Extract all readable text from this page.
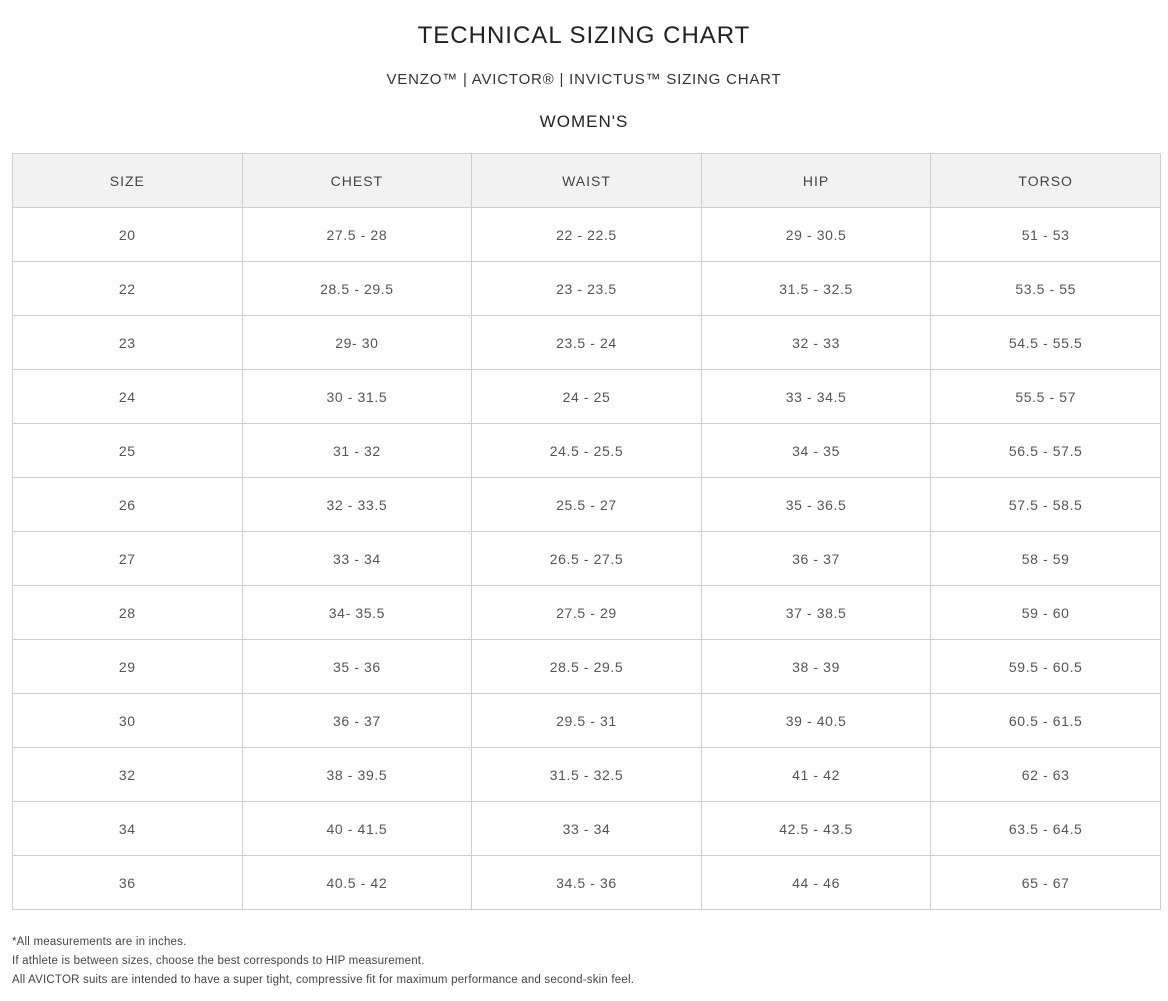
TECHNICAL SIZING CHART
VENZO™ | AVICTOR® | INVICTUS™ SIZING CHART
WOMEN'S
SIZE	CHEST	WAIST	HIP	TORSO
20	27.5 - 28	22 - 22.5	29 - 30.5	51 - 53
22	28.5 - 29.5	23 - 23.5	31.5 - 32.5	53.5 - 55
23	29- 30	23.5 - 24	32 - 33	54.5 - 55.5
24	30 - 31.5	24 - 25	33 - 34.5	55.5 - 57
25	31 - 32	24.5 - 25.5	34 - 35	56.5 - 57.5
26	32 - 33.5	25.5 - 27	35 - 36.5	57.5 - 58.5
27	33 - 34	26.5 - 27.5	36 - 37	58 - 59
28	34- 35.5	27.5 - 29	37 - 38.5	59 - 60
29	35 - 36	28.5 - 29.5	38 - 39	59.5 - 60.5
30	36 - 37	29.5 - 31	39 - 40.5	60.5 - 61.5
32	38 - 39.5	31.5 - 32.5	41 - 42	62 - 63
34	40 - 41.5	33 - 34	42.5 - 43.5	63.5 - 64.5
36	40.5 - 42	34.5 - 36	44 - 46	65 - 67
*All measurements are in inches.
If athlete is between sizes, choose the best corresponds to HIP measurement.
All AVICTOR suits are intended to have a super tight, compressive fit for maximum performance and second-skin feel.
